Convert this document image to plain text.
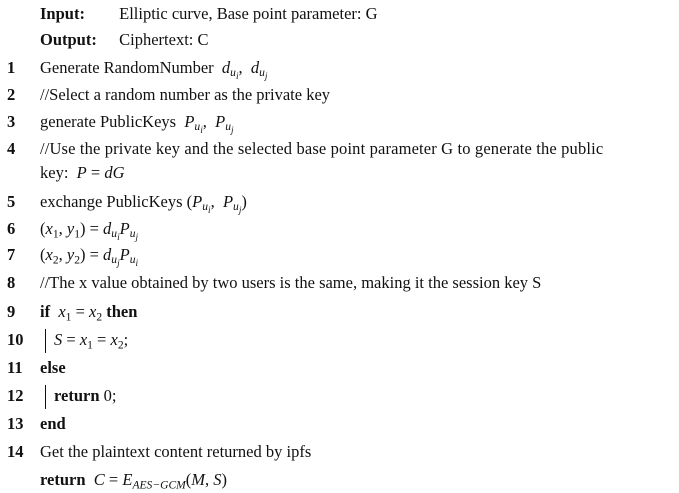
Input: Elliptic curve, Base point parameter: G
Output: Ciphertext: C
1	Generate RandomNumber $d_{u_i}$,  $d_{u_j}$
2	//Select a random number as the private key
3	generate PublicKeys $P_{u_i}$,  $P_{u_j}$
4	//Use the private key and the selected base point parameter G to generate the public
key: P = dG
5	exchange PublicKeys ($P_{u_i}$,  $P_{u_j}$)
6	($x_1$, $y_1) = d_{u_i}P_{u_j}$
7	($x_2$, $y_2) = d_{u_j}P_{u_i}$
8	//The x value obtained by two users is the same, making it the session key S
9	if $x_1 = x_2$ then
10	$S = x_1 = x_2$;
11	else
12	return 0;
13	end
14	Get the plaintext content returned by ipfs
return $C = E_{AES-GCM}(M$, S)
